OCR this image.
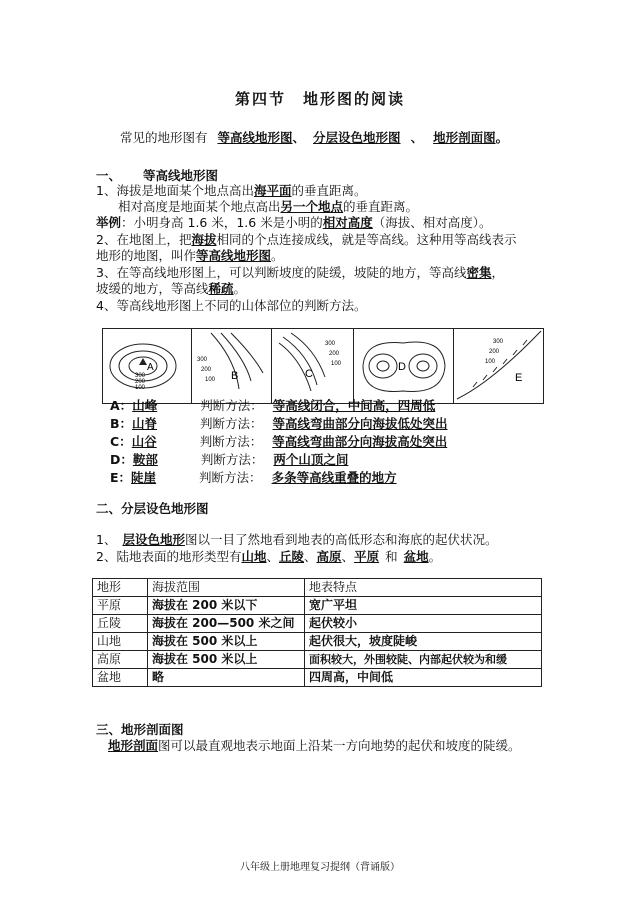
第四节　地形图的阅读
常见的地形图有 等高线地形图、 分层设色地形图 、 地形剖面图。
一、 等高线地形图
1、海拔是地面某个地点高出海平面的垂直距离。
相对高度是地面某个地点高出另一个地点的垂直距离。
举例：小明身高 1.6 米，1.6 米是小明的相对高度（海拔、相对高度）。
2、在地图上，把海拔相同的个点连接成线，就是等高线。这种用等高线表示
地形的地图，叫作等高线地形图。
3、在等高线地形图上，可以判断坡度的陡缓，坡陡的地方，等高线密集，
坡缓的地方，等高线稀疏。
4、等高线地形图上不同的山体部位的判断方法。
A
300
200
100
300
200
100 B
300
200
100
C
D
300
200
100
E
A：山峰	判断方法： 等高线闭合，中间高，四周低
B：山脊	判断方法： 等高线弯曲部分向海拔低处突出
C：山谷	判断方法： 等高线弯曲部分向海拔高处突出
D：鞍部	判断方法： 两个山顶之间
E：陡崖	判断方法： 多条等高线重叠的地方
二、分层设色地形图
1、 层设色地形图以一目了然地看到地表的高低形态和海底的起伏状况。
2、陆地表面的地形类型有山地、丘陵、高原、平原 和 盆地。
地形	海拔范围	地表特点
平原	海拔在 200 米以下	宽广平坦
丘陵	海拔在 200—500 米之间	起伏较小
山地	海拔在 500 米以上	起伏很大，坡度陡峻
高原	海拔在 500 米以上	面积较大，外围较陡、内部起伏较为和缓
盆地	略	四周高，中间低
三、地形剖面图
地形剖面图可以最直观地表示地面上沿某一方向地势的起伏和坡度的陡缓。
八年级上册地理复习提纲（背诵版）
